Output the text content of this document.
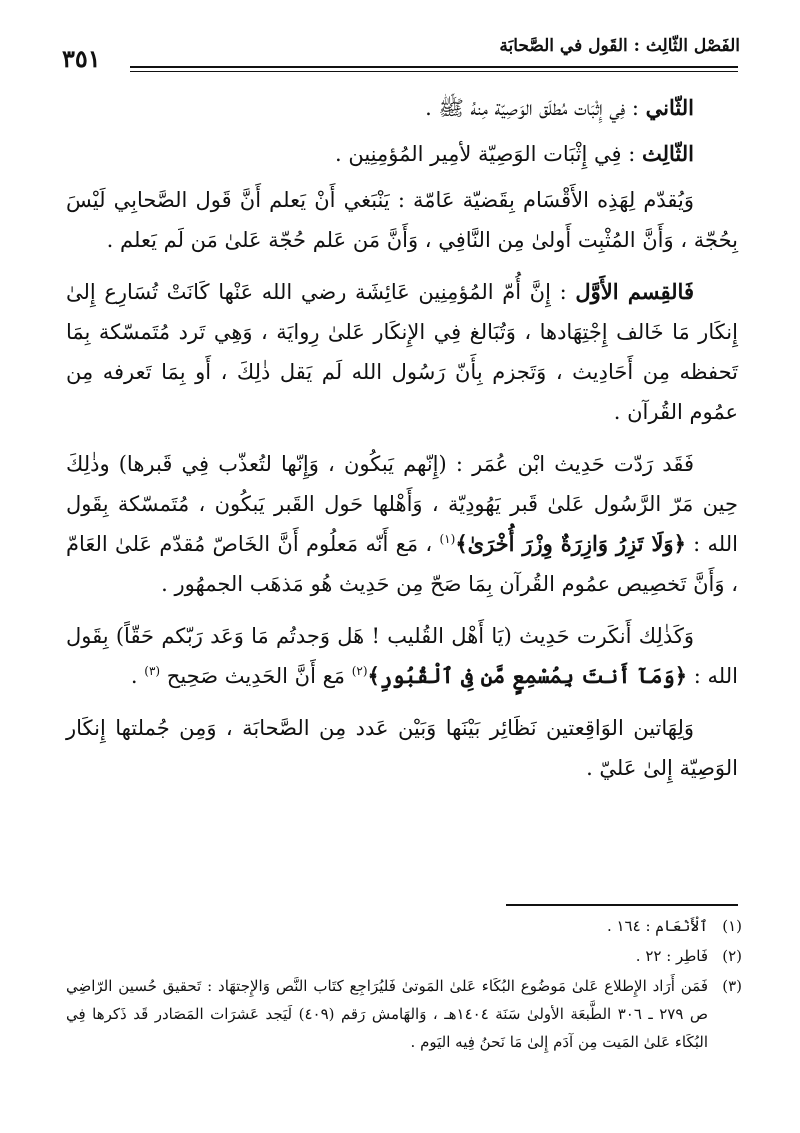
الفَصْل الثّالِث : القَول في الصَّحابَة
٣٥١

الثّاني : فِي إِثْبَات مُطلَق الوَصِيّة مِنهُ ﷺ .

الثّالِث : فِي إِثْبَات الوَصِيّة لأمِير المُؤمِنِين .

وَيُقدّم لِهَذِه الأَقْسَام بِقَضيّة عَامّة : يَنْبَغي أَنْ يَعلم أَنَّ قَول الصَّحابِي لَيْسَ بِحُجّة ، وَأَنَّ المُثْبِت أَولىٰ مِن النَّافِي ، وَأَنَّ مَن عَلم حُجّة عَلىٰ مَن لَم يَعلم .

فَالقِسم الأَوَّل : إِنَّ أُمّ المُؤمِنِين عَائِشَة رضي الله عَنْها كَانَتْ تُسَارِع إِلىٰ إِنكَار مَا خَالف إِجْتِهَادها ، وَتُبَالغ فِي الإِنكَار عَلىٰ رِوايَة ، وَهِي تَرد مُتَمسّكة بِمَا تَحفظه مِن أَحَادِيث ، وَتَجزم بِأَنّ رَسُول الله لَم يَقل ذٰلِكَ ، أَو بِمَا تَعرفه مِن عمُوم القُرآن .

فَقَد رَدّت حَدِيث ابْن عُمَر : (إِنّهم يَبكُون ، وَإِنّها لتُعذّب فِي قَبرها) وذٰلِكَ حِين مَرّ الرَّسُول عَلىٰ قَبر يَهُودِيّة ، وَأَهْلها حَول القَبر يَبكُون ، مُتَمسّكة بِقَول الله : ﴿وَلَا تَزِرُ وَازِرَةٌ وِزْرَ أُخْرَىٰ﴾$^{(١)}$ ، مَع أَنّه مَعلُوم أَنَّ الخَاصّ مُقدّم عَلىٰ العَامّ ، وَأَنَّ تَخصِيص عمُوم القُرآن بِمَا صَحّ مِن حَدِيث هُو مَذهَب الجمهُور .

وَكَذٰلِك أَنكَرت حَدِيث (يَا أَهْل القُليب ! هَل وَجدتُم مَا وَعَد رَبّكم حَقّاً) بِقَول الله : ﴿وَمَآ أَنتَ بِمُسْمِعٍ مَّن فِى ٱلْقُبُورِ﴾$^{(٢)}$ مَع أَنَّ الحَدِيث صَحِيح $^{(٣)}$ .

وَلِهَاتين الوَاقِعتين نَظَائِر بَيْنَها وَبَيْن عَدد مِن الصَّحابَة ، وَمِن جُملتها إِنكَار الوَصِيّة إِلىٰ عَليّ .

(١)
ٱلْأَنْعَام : ١٦٤ .
(٢)
فَاطِر : ٢٢ .
(٣)
فَمَن أَرَاد الإِطلاع عَلىٰ مَوضُوع البُكَاء عَلىٰ المَوتىٰ فَليُرَاجِع كتَاب النَّص وَالإِجتهَاد : تَحقيق حُسين الرّاضِي ص ٢٧٩ ـ ٣٠٦ الطَّبعَة الأولىٰ سَنَة ١٤٠٤هـ ، وَالهَامش رَقم (٤٠٩) لَيَجد عَشرَات المَصَادر قَد ذَكرها فِي البُكَاء عَلىٰ المَيت مِن آدَم إِلىٰ مَا نَحنُ فِيه اليَوم .
